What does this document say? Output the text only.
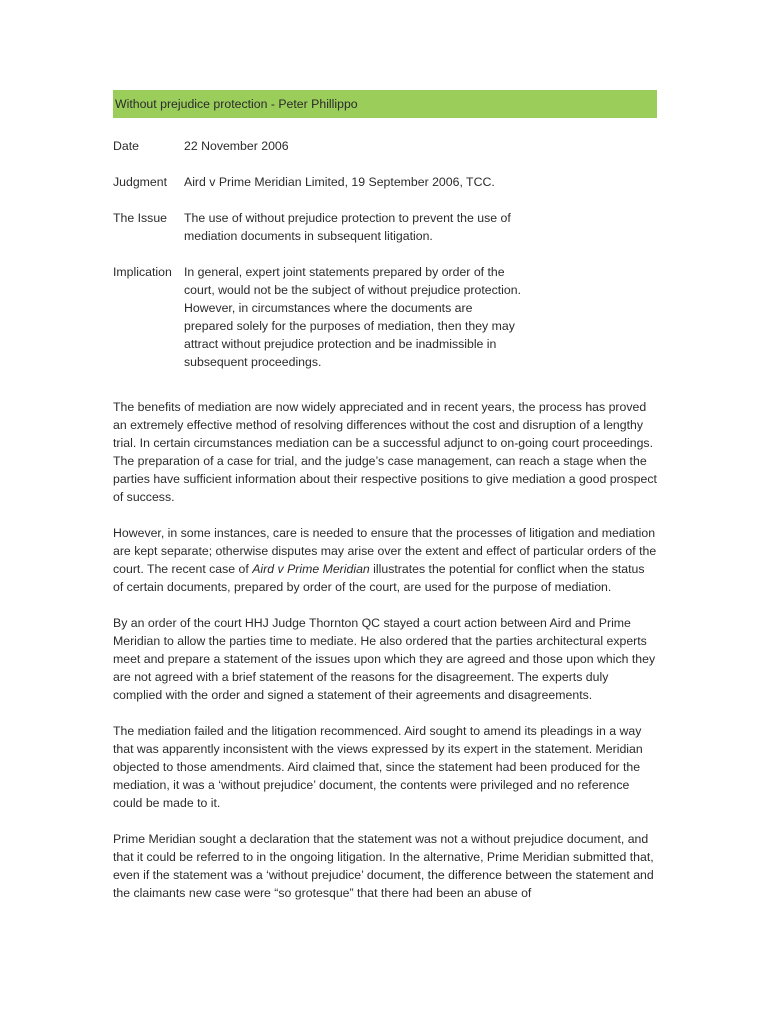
Without prejudice protection - Peter Phillippo
Date	22 November 2006
Judgment	Aird v Prime Meridian Limited, 19 September 2006, TCC.
The Issue	The use of without prejudice protection to prevent the use of mediation documents in subsequent litigation.
Implication In general, expert joint statements prepared by order of the court, would not be the subject of without prejudice protection. However, in circumstances where the documents are prepared solely for the purposes of mediation, then they may attract without prejudice protection and be inadmissible in subsequent proceedings.

The benefits of mediation are now widely appreciated and in recent years, the process has proved an extremely effective method of resolving differences without the cost and disruption of a lengthy trial. In certain circumstances mediation can be a successful adjunct to on-going court proceedings. The preparation of a case for trial, and the judge’s case management, can reach a stage when the parties have sufficient information about their respective positions to give mediation a good prospect of success.

However, in some instances, care is needed to ensure that the processes of litigation and mediation are kept separate; otherwise disputes may arise over the extent and effect of particular orders of the court. The recent case of Aird v Prime Meridian illustrates the potential for conflict when the status of certain documents, prepared by order of the court, are used for the purpose of mediation.

By an order of the court HHJ Judge Thornton QC stayed a court action between Aird and Prime Meridian to allow the parties time to mediate. He also ordered that the parties architectural experts meet and prepare a statement of the issues upon which they are agreed and those upon which they are not agreed with a brief statement of the reasons for the disagreement. The experts duly complied with the order and signed a statement of their agreements and disagreements.

The mediation failed and the litigation recommenced. Aird sought to amend its pleadings in a way that was apparently inconsistent with the views expressed by its expert in the statement. Meridian objected to those amendments. Aird claimed that, since the statement had been produced for the mediation, it was a ‘without prejudice’ document, the contents were privileged and no reference could be made to it.

Prime Meridian sought a declaration that the statement was not a without prejudice document, and that it could be referred to in the ongoing litigation. In the alternative, Prime Meridian submitted that, even if the statement was a ‘without prejudice’ document, the difference between the statement and the claimants new case were “so grotesque” that there had been an abuse of
